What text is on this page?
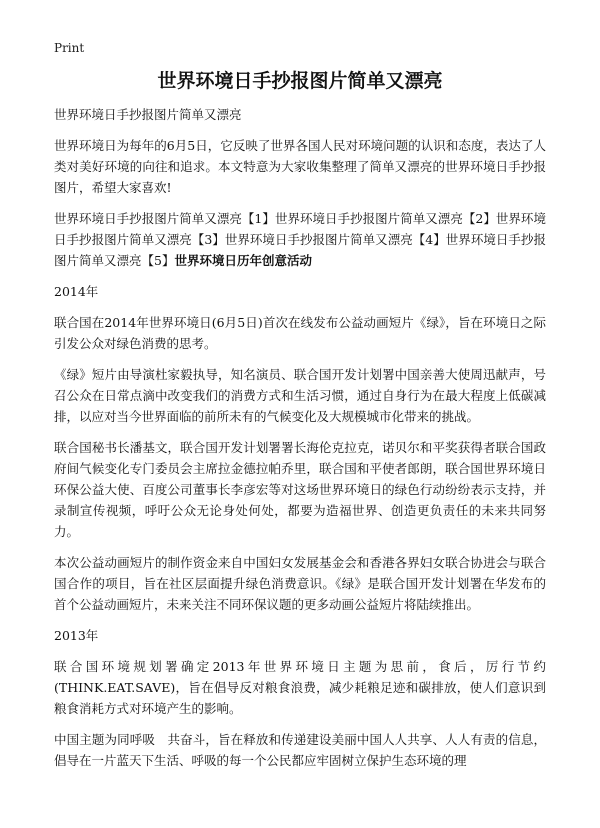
Print
世界环境日手抄报图片简单又漂亮

世界环境日手抄报图片简单又漂亮

世界环境日为每年的6月5日，它反映了世界各国人民对环境问题的认识和态度，表达了人类对美好环境的向往和追求。本文特意为大家收集整理了简单又漂亮的世界环境日手抄报图片，希望大家喜欢!

世界环境日手抄报图片简单又漂亮【1】世界环境日手抄报图片简单又漂亮【2】世界环境日手抄报图片简单又漂亮【3】世界环境日手抄报图片简单又漂亮【4】世界环境日手抄报图片简单又漂亮【5】世界环境日历年创意活动

2014年

联合国在2014年世界环境日(6月5日)首次在线发布公益动画短片《绿》，旨在环境日之际引发公众对绿色消费的思考。

《绿》短片由导演杜家毅执导，知名演员、联合国开发计划署中国亲善大使周迅献声，号召公众在日常点滴中改变我们的消费方式和生活习惯，通过自身行为在最大程度上低碳减排，以应对当今世界面临的前所未有的气候变化及大规模城市化带来的挑战。

联合国秘书长潘基文，联合国开发计划署署长海伦克拉克，诺贝尔和平奖获得者联合国政府间气候变化专门委员会主席拉金德拉帕乔里，联合国和平使者郎朗，联合国世界环境日环保公益大使、百度公司董事长李彦宏等对这场世界环境日的绿色行动纷纷表示支持，并录制宣传视频，呼吁公众无论身处何处，都要为造福世界、创造更负责任的未来共同努力。

本次公益动画短片的制作资金来自中国妇女发展基金会和香港各界妇女联合协进会与联合国合作的项目，旨在社区层面提升绿色消费意识。《绿》是联合国开发计划署在华发布的首个公益动画短片，未来关注不同环保议题的更多动画公益短片将陆续推出。

2013年

联合国环境规划署确定2013年世界环境日主题为思前，食后，厉行节约(THINK.EAT.SAVE)，旨在倡导反对粮食浪费，减少耗粮足迹和碳排放，使人们意识到粮食消耗方式对环境产生的影响。

中国主题为同呼吸　共奋斗，旨在释放和传递建设美丽中国人人共享、人人有责的信息，倡导在一片蓝天下生活、呼吸的每一个公民都应牢固树立保护生态环境的理
